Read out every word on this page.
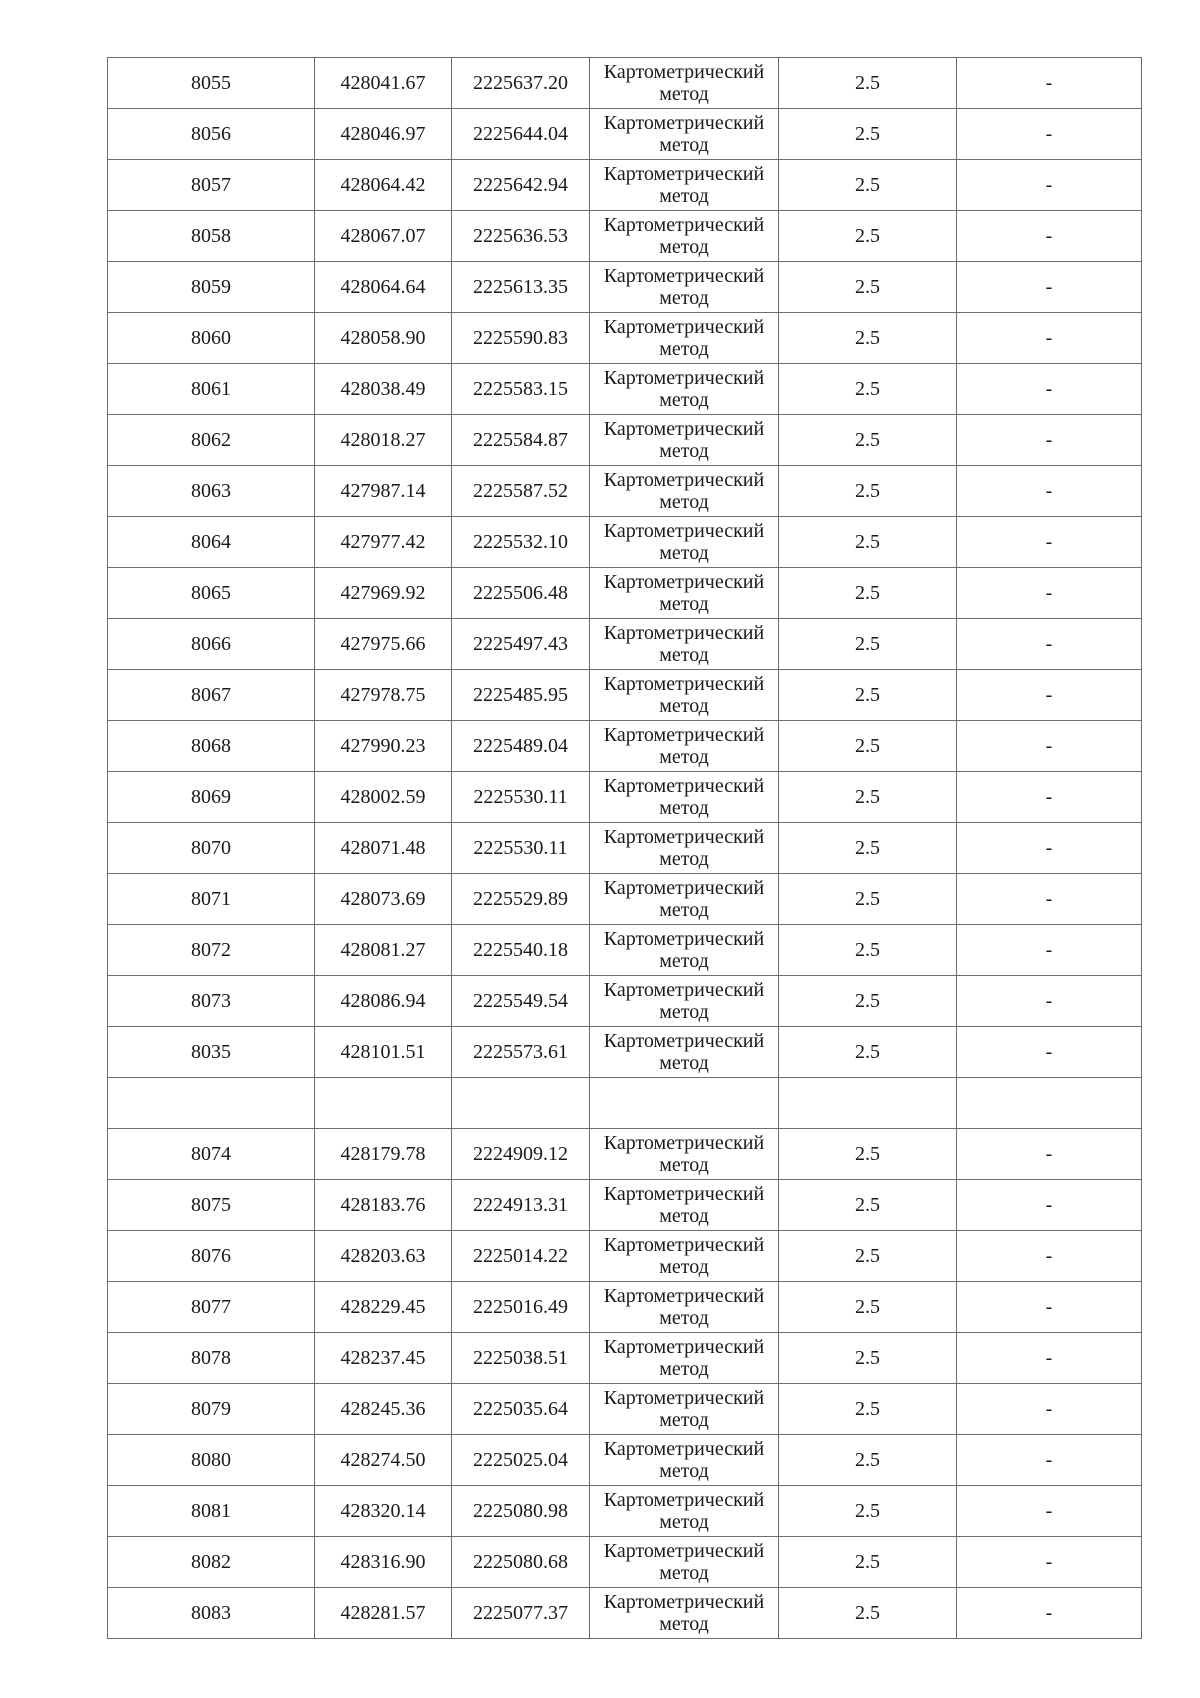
8055	428041.67	2225637.20	Картометрический
метод	2.5	-
8056	428046.97	2225644.04	Картометрический
метод	2.5	-
8057	428064.42	2225642.94	Картометрический
метод	2.5	-
8058	428067.07	2225636.53	Картометрический
метод	2.5	-
8059	428064.64	2225613.35	Картометрический
метод	2.5	-
8060	428058.90	2225590.83	Картометрический
метод	2.5	-
8061	428038.49	2225583.15	Картометрический
метод	2.5	-
8062	428018.27	2225584.87	Картометрический
метод	2.5	-
8063	427987.14	2225587.52	Картометрический
метод	2.5	-
8064	427977.42	2225532.10	Картометрический
метод	2.5	-
8065	427969.92	2225506.48	Картометрический
метод	2.5	-
8066	427975.66	2225497.43	Картометрический
метод	2.5	-
8067	427978.75	2225485.95	Картометрический
метод	2.5	-
8068	427990.23	2225489.04	Картометрический
метод	2.5	-
8069	428002.59	2225530.11	Картометрический
метод	2.5	-
8070	428071.48	2225530.11	Картометрический
метод	2.5	-
8071	428073.69	2225529.89	Картометрический
метод	2.5	-
8072	428081.27	2225540.18	Картометрический
метод	2.5	-
8073	428086.94	2225549.54	Картометрический
метод	2.5	-
8035	428101.51	2225573.61	Картометрический
метод	2.5	-

8074	428179.78	2224909.12	Картометрический
метод	2.5	-
8075	428183.76	2224913.31	Картометрический
метод	2.5	-
8076	428203.63	2225014.22	Картометрический
метод	2.5	-
8077	428229.45	2225016.49	Картометрический
метод	2.5	-
8078	428237.45	2225038.51	Картометрический
метод	2.5	-
8079	428245.36	2225035.64	Картометрический
метод	2.5	-
8080	428274.50	2225025.04	Картометрический
метод	2.5	-
8081	428320.14	2225080.98	Картометрический
метод	2.5	-
8082	428316.90	2225080.68	Картометрический
метод	2.5	-
8083	428281.57	2225077.37	Картометрический
метод	2.5	-
